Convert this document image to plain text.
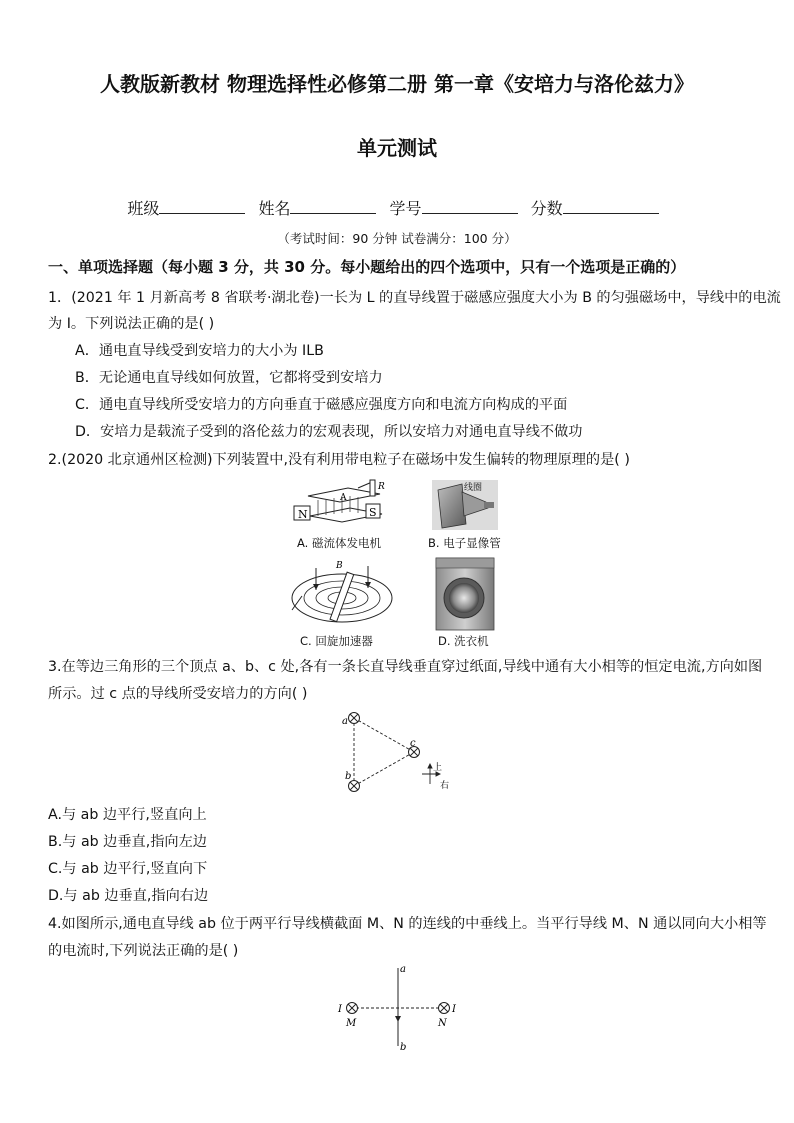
人教版新教材 物理选择性必修第二册 第一章《安培力与洛伦兹力》
单元测试
班级	姓名	学号	分数
（考试时间：90 分钟 试卷满分：100 分）
一、单项选择题（每小题 3 分，共 30 分。每小题给出的四个选项中，只有一个选项是正确的）
1．(2021 年 1 月新高考 8 省联考·湖北卷)一长为 L 的直导线置于磁感应强度大小为 B 的匀强磁场中，导线中的电流
为 I。下列说法正确的是( )
A．通电直导线受到安培力的大小为 ILB
B．无论通电直导线如何放置，它都将受到安培力
C．通电直导线所受安培力的方向垂直于磁感应强度方向和电流方向构成的平面
D．安培力是载流子受到的洛伦兹力的宏观表现，所以安培力对通电直导线不做功
2.(2020 北京通州区检测)下列装置中,没有利用带电粒子在磁场中发生偏转的物理原理的是( )
N	S
A
R
A. 磁流体发电机
线圈
B. 电子显像管
B
C. 回旋加速器	D. 洗衣机
3.在等边三角形的三个顶点 a、b、c 处,各有一条长直导线垂直穿过纸面,导线中通有大小相等的恒定电流,方向如图
所示。过 c 点的导线所受安培力的方向( )
a
b
c
上
右
A.与 ab 边平行,竖直向上
B.与 ab 边垂直,指向左边
C.与 ab 边平行,竖直向下
D.与 ab 边垂直,指向右边
4.如图所示,通电直导线 ab 位于两平行导线横截面 M、N 的连线的中垂线上。当平行导线 M、N 通以同向大小相等
的电流时,下列说法正确的是( )
a
b
I	I
M	N
